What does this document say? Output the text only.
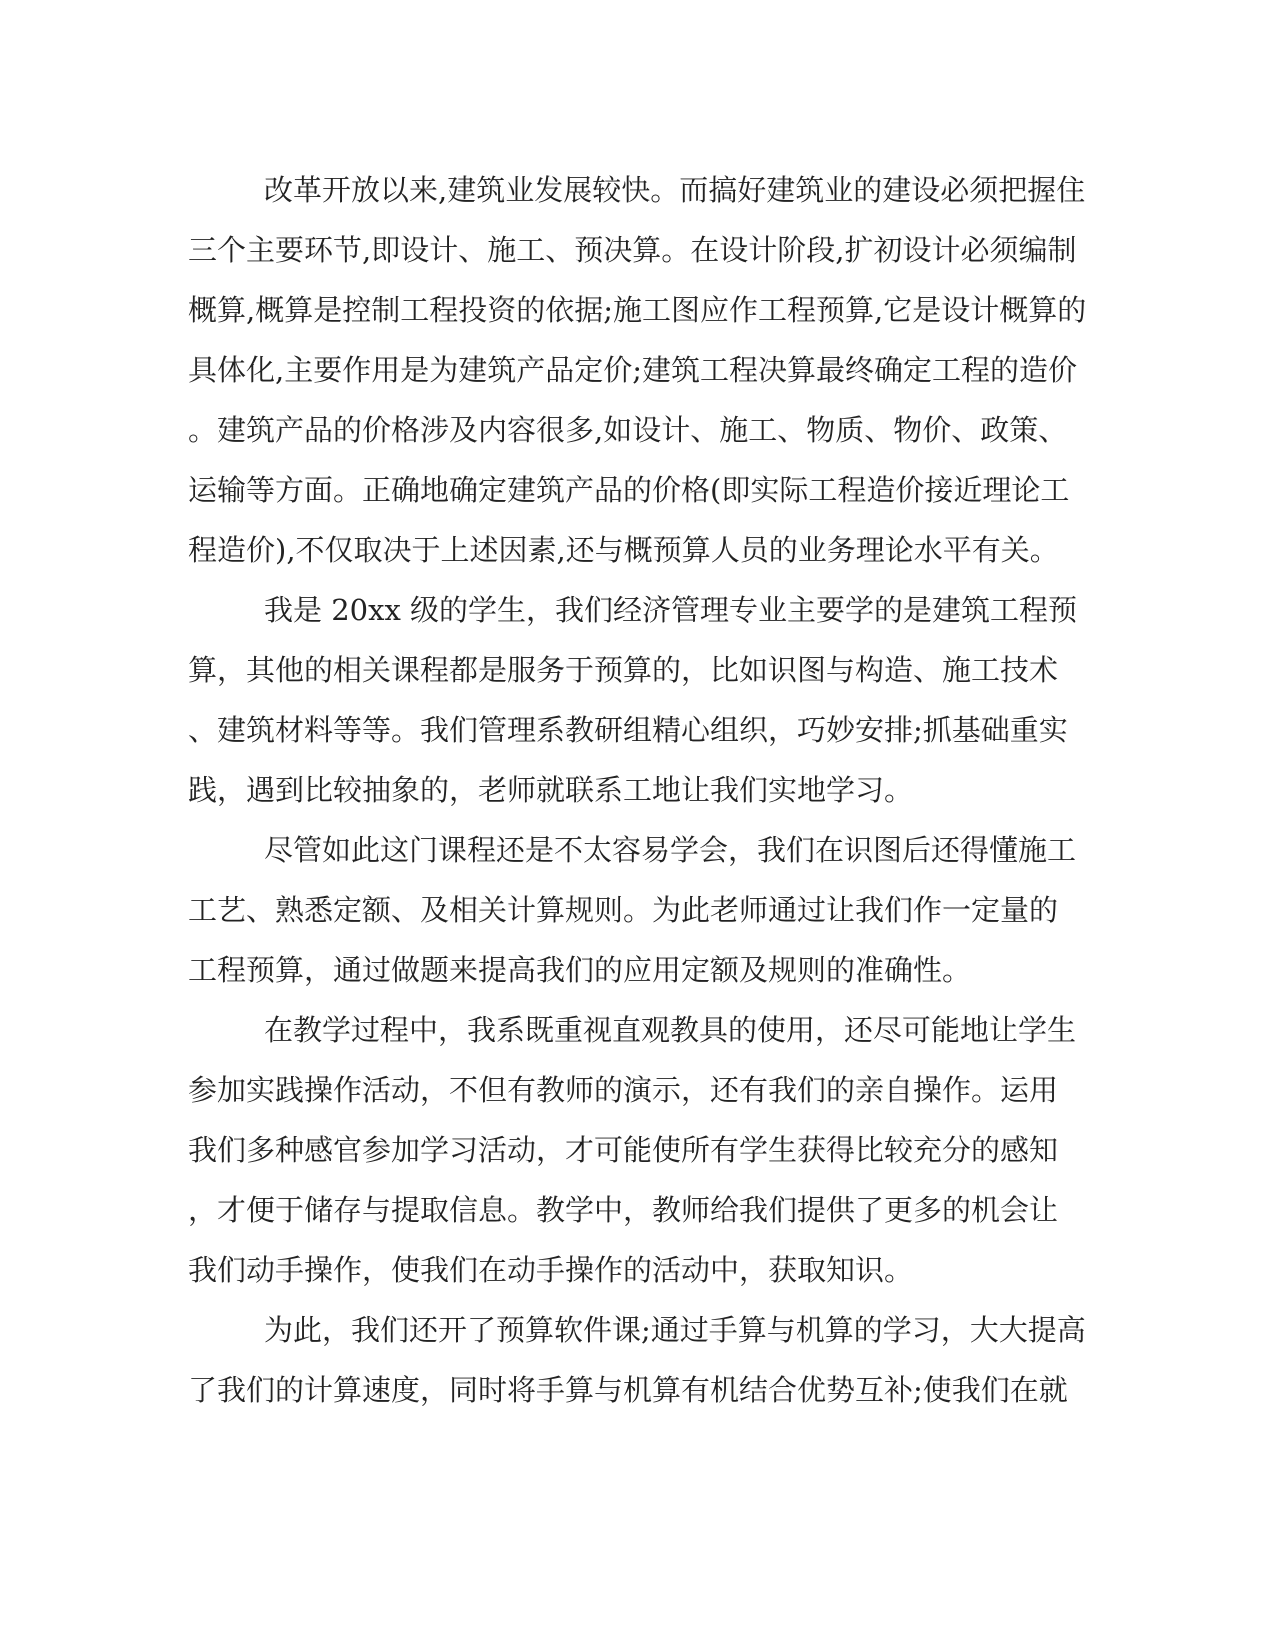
改革开放以来,建筑业发展较快。而搞好建筑业的建设必须把握住
三个主要环节,即设计、施工、预决算。在设计阶段,扩初设计必须编制
概算,概算是控制工程投资的依据;施工图应作工程预算,它是设计概算的
具体化,主要作用是为建筑产品定价;建筑工程决算最终确定工程的造价
。建筑产品的价格涉及内容很多,如设计、施工、物质、物价、政策、
运输等方面。正确地确定建筑产品的价格(即实际工程造价接近理论工
程造价),不仅取决于上述因素,还与概预算人员的业务理论水平有关。
我是 20xx 级的学生，我们经济管理专业主要学的是建筑工程预
算，其他的相关课程都是服务于预算的，比如识图与构造、施工技术
、建筑材料等等。我们管理系教研组精心组织，巧妙安排;抓基础重实
践，遇到比较抽象的，老师就联系工地让我们实地学习。
尽管如此这门课程还是不太容易学会，我们在识图后还得懂施工
工艺、熟悉定额、及相关计算规则。为此老师通过让我们作一定量的
工程预算，通过做题来提高我们的应用定额及规则的准确性。
在教学过程中，我系既重视直观教具的使用，还尽可能地让学生
参加实践操作活动，不但有教师的演示，还有我们的亲自操作。运用
我们多种感官参加学习活动，才可能使所有学生获得比较充分的感知
，才便于储存与提取信息。教学中，教师给我们提供了更多的机会让
我们动手操作，使我们在动手操作的活动中，获取知识。
为此，我们还开了预算软件课;通过手算与机算的学习，大大提高
了我们的计算速度，同时将手算与机算有机结合优势互补;使我们在就
